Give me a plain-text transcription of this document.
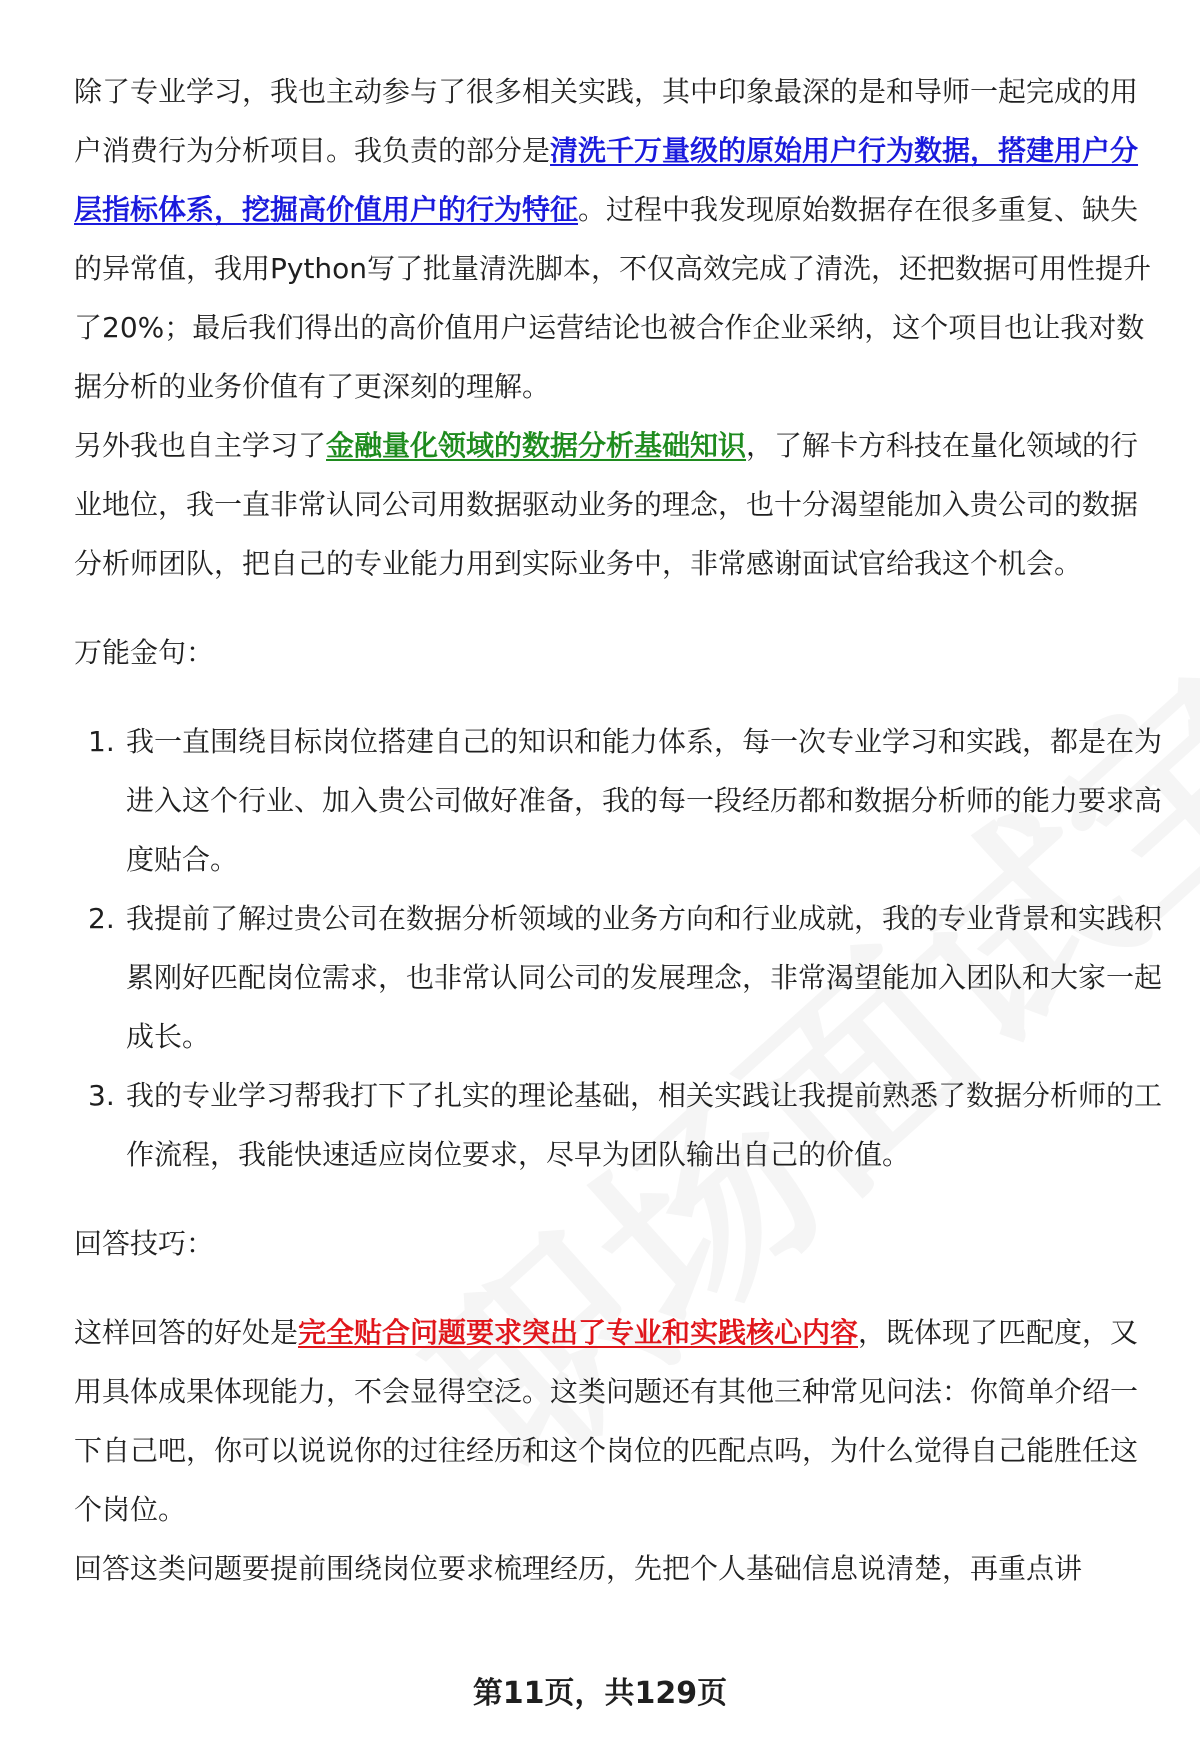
除了专业学习，我也主动参与了很多相关实践，其中印象最深的是和导师一起完成的用户消费行为分析项目。我负责的部分是清洗千万量级的原始用户行为数据，搭建用户分层指标体系，挖掘高价值用户的行为特征。过程中我发现原始数据存在很多重复、缺失的异常值，我用Python写了批量清洗脚本，不仅高效完成了清洗，还把数据可用性提升了20%；最后我们得出的高价值用户运营结论也被合作企业采纳，这个项目也让我对数据分析的业务价值有了更深刻的理解。

另外我也自主学习了金融量化领域的数据分析基础知识，了解卡方科技在量化领域的行业地位，我一直非常认同公司用数据驱动业务的理念，也十分渴望能加入贵公司的数据分析师团队，把自己的专业能力用到实际业务中，非常感谢面试官给我这个机会。

万能金句：

1. 我一直围绕目标岗位搭建自己的知识和能力体系，每一次专业学习和实践，都是在为进入这个行业、加入贵公司做好准备，我的每一段经历都和数据分析师的能力要求高度贴合。
2. 我提前了解过贵公司在数据分析领域的业务方向和行业成就，我的专业背景和实践积累刚好匹配岗位需求，也非常认同公司的发展理念，非常渴望能加入团队和大家一起成长。
3. 我的专业学习帮我打下了扎实的理论基础，相关实践让我提前熟悉了数据分析师的工作流程，我能快速适应岗位要求，尽早为团队输出自己的价值。

回答技巧：

这样回答的好处是完全贴合问题要求突出了专业和实践核心内容，既体现了匹配度，又用具体成果体现能力，不会显得空泛。这类问题还有其他三种常见问法：你简单介绍一下自己吧，你可以说说你的过往经历和这个岗位的匹配点吗，为什么觉得自己能胜任这个岗位。

回答这类问题要提前围绕岗位要求梳理经历，先把个人基础信息说清楚，再重点讲

第11页，共129页
